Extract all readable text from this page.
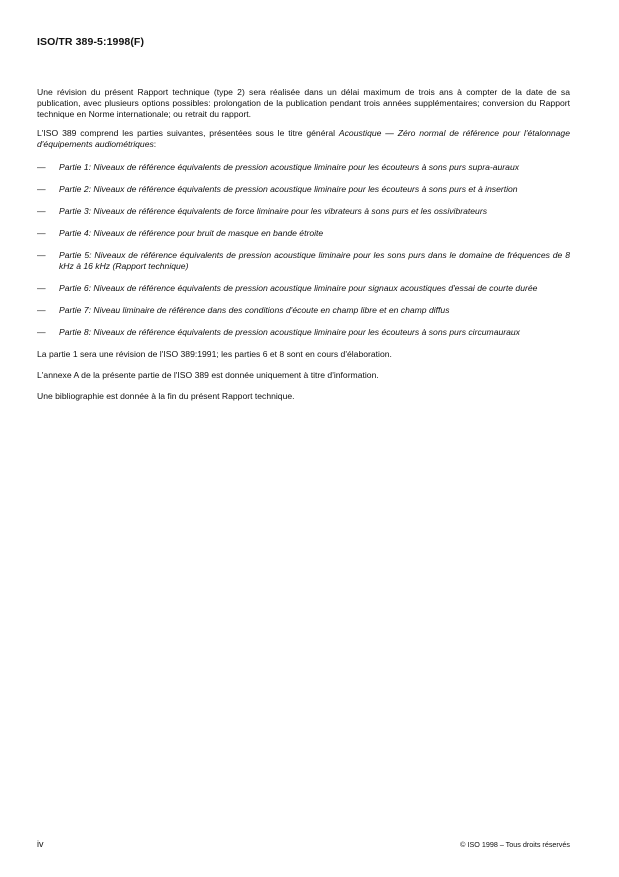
ISO/TR 389-5:1998(F)

Une révision du présent Rapport technique (type 2) sera réalisée dans un délai maximum de trois ans à compter de la date de sa publication, avec plusieurs options possibles: prolongation de la publication pendant trois années supplémentaires; conversion du Rapport technique en Norme internationale; ou retrait du rapport.

L'ISO 389 comprend les parties suivantes, présentées sous le titre général Acoustique — Zéro normal de référence pour l'étalonnage d'équipements audiométriques:

— Partie 1: Niveaux de référence équivalents de pression acoustique liminaire pour les écouteurs à sons purs supra-auraux
— Partie 2: Niveaux de référence équivalents de pression acoustique liminaire pour les écouteurs à sons purs et à insertion
— Partie 3: Niveaux de référence équivalents de force liminaire pour les vibrateurs à sons purs et les ossivibrateurs
— Partie 4: Niveaux de référence pour bruit de masque en bande étroite
— Partie 5: Niveaux de référence équivalents de pression acoustique liminaire pour les sons purs dans le domaine de fréquences de 8 kHz à 16 kHz (Rapport technique)
— Partie 6: Niveaux de référence équivalents de pression acoustique liminaire pour signaux acoustiques d'essai de courte durée
— Partie 7: Niveau liminaire de référence dans des conditions d'écoute en champ libre et en champ diffus
— Partie 8: Niveaux de référence équivalents de pression acoustique liminaire pour les écouteurs à sons purs circumauraux

La partie 1 sera une révision de l'ISO 389:1991; les parties 6 et 8 sont en cours d'élaboration.

L'annexe A de la présente partie de l'ISO 389 est donnée uniquement à titre d'information.

Une bibliographie est donnée à la fin du présent Rapport technique.

iv	© ISO 1998 – Tous droits réservés
